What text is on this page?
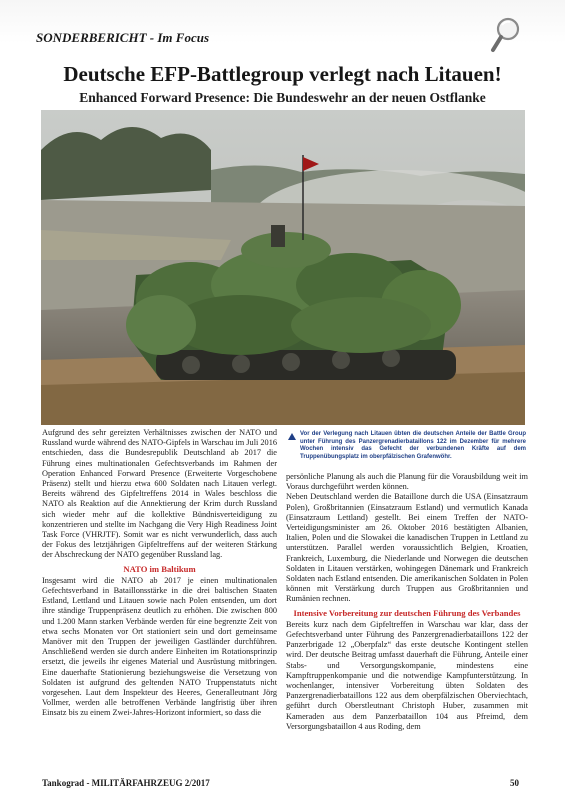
SONDERBERICHT - Im Focus
Deutsche EFP-Battlegroup verlegt nach Litauen!
Enhanced Forward Presence: Die Bundeswehr an der neuen Ostflanke
Vor der Verlegung nach Litauen übten die deutschen Anteile der Battle Group unter Führung des Panzergrenadierbataillons 122 im Dezember für mehrere Wochen intensiv das Gefecht der verbundenen Kräfte auf dem Truppenübungsplatz im oberpfälzischen Grafenwöhr.

Aufgrund des sehr gereizten Verhältnisses zwischen der NATO und Russland wurde während des NATO-Gipfels in Warschau im Juli 2016 entschieden, dass die Bundesrepublik Deutschland ab 2017 die Führung eines multinationalen Gefechtsverbands im Rahmen der Operation Enhanced Forward Presence (Erweiterte Vorgeschobene Präsenz) stellt und hierzu etwa 600 Soldaten nach Litauen verlegt. Bereits während des Gipfeltreffens 2014 in Wales beschloss die NATO als Reaktion auf die Annektierung der Krim durch Russland sich wieder mehr auf die kollektive Bündnisverteidigung zu konzentrieren und stellte im Nachgang die Very High Readiness Joint Task Force (VHRJTF). Somit war es nicht verwunderlich, dass auch der Fokus des letztjährigen Gipfeltreffens auf der weiteren Stärkung der Abschreckung der NATO gegenüber Russland lag.

NATO im Baltikum

Insgesamt wird die NATO ab 2017 je einen multinationalen Gefechtsverband in Bataillonsstärke in die drei baltischen Staaten Estland, Lettland und Litauen sowie nach Polen entsenden, um dort ihre ständige Truppenpräsenz deutlich zu erhöhen. Die zwischen 800 und 1.200 Mann starken Verbände werden für eine begrenzte Zeit von etwa sechs Monaten vor Ort stationiert sein und dort gemeinsame Manöver mit den Truppen der jeweiligen Gastländer durchführen. Anschließend werden sie durch andere Einheiten im Rotationsprinzip ersetzt, die jeweils ihr eigenes Material und Ausrüstung mitbringen. Eine dauerhafte Stationierung beziehungsweise die Versetzung von Soldaten ist aufgrund des geltenden NATO Truppenstatuts nicht vorgesehen. Laut dem Inspekteur des Heeres, Generalleutnant Jörg Vollmer, werden alle betroffenen Verbände langfristig über ihren Einsatz bis zu einem Zwei-Jahres-Horizont informiert, so dass die

persönliche Planung als auch die Planung für die Vorausbildung weit im Voraus durchgeführt werden können.

Neben Deutschland werden die Bataillone durch die USA (Einsatzraum Polen), Großbritannien (Einsatzraum Estland) und vermutlich Kanada (Einsatzraum Lettland) gestellt. Bei einem Treffen der NATO-Verteidigungsminister am 26. Oktober 2016 bestätigten Albanien, Italien, Polen und die Slowakei die kanadischen Truppen in Lettland zu unterstützen. Parallel werden voraussichtlich Belgien, Kroatien, Frankreich, Luxemburg, die Niederlande und Norwegen die deutschen Soldaten in Litauen verstärken, wohingegen Dänemark und Frankreich Soldaten nach Estland entsenden. Die amerikanischen Soldaten in Polen können mit Verstärkung durch Truppen aus Großbritannien und Rumänien rechnen.

Intensive Vorbereitung zur deutschen Führung des Verbandes

Bereits kurz nach dem Gipfeltreffen in Warschau war klar, dass der Gefechtsverband unter Führung des Panzergrenadierbataillons 122 der Panzerbrigade 12 „Oberpfalz“ das erste deutsche Kontingent stellen wird. Der deutsche Beitrag umfasst dauerhaft die Führung, Anteile einer Stabs- und Versorgungskompanie, mindestens eine Kampftruppenkompanie und die notwendige Kampfunterstützung. In wochenlanger, intensiver Vorbereitung übten Soldaten des Panzergrenadierbataillons 122 aus dem oberpfälzischen Oberviechtach, geführt durch Oberstleutnant Christoph Huber, zusammen mit Kameraden aus dem Panzerbataillon 104 aus Pfreimd, dem Versorgungsbataillon 4 aus Roding, dem

Tankograd - MILITÄRFAHRZEUG 2/2017	50
